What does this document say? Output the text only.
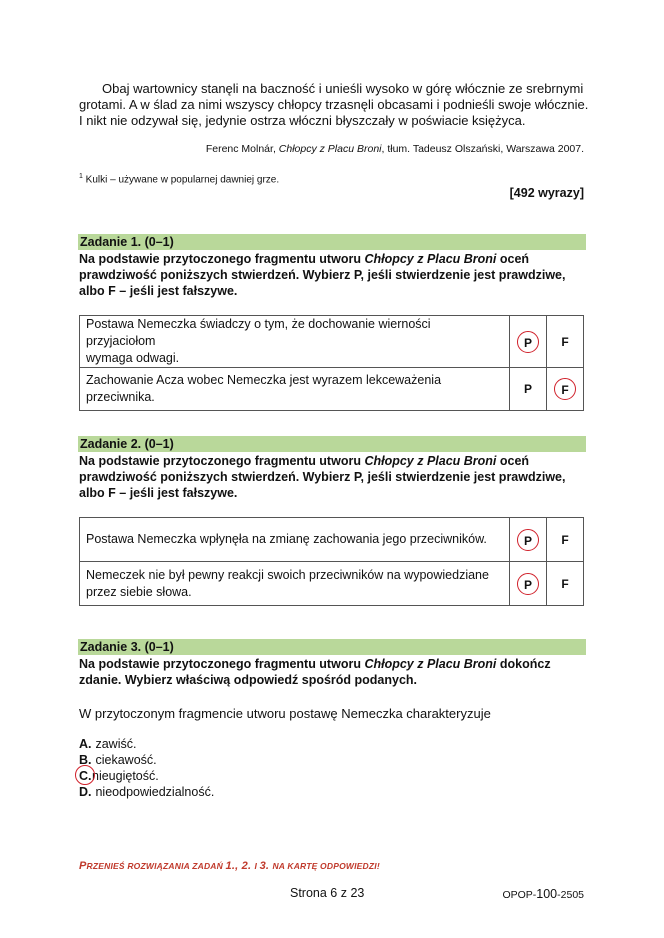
Obaj wartownicy stanęli na baczność i unieśli wysoko w górę włócznie ze srebrnymi
grotami. A w ślad za nimi wszyscy chłopcy trzasnęli obcasami i podnieśli swoje włócznie.
I nikt nie odzywał się, jedynie ostrza włóczni błyszczały w poświacie księżyca.
Ferenc Molnár, Chłopcy z Placu Broni, tłum. Tadeusz Olszański, Warszawa 2007.
$^1$ Kulki – używane w popularnej dawniej grze.
[492 wyrazy]
Zadanie 1. (0–1)
Na podstawie przytoczonego fragmentu utworu Chłopcy z Placu Broni oceń
prawdziwość poniższych stwierdzeń. Wybierz P, jeśli stwierdzenie jest prawdziwe,
albo F – jeśli jest fałszywe.
Postawa Nemeczka świadczy o tym, że dochowanie wierności przyjaciołom
wymaga odwagi.	P	F

Zachowanie Acza wobec Nemeczka jest wyrazem lekceważenia przeciwnika.	P	F
Zadanie 2. (0–1)
Na podstawie przytoczonego fragmentu utworu Chłopcy z Placu Broni oceń
prawdziwość poniższych stwierdzeń. Wybierz P, jeśli stwierdzenie jest prawdziwe,
albo F – jeśli jest fałszywe.
Postawa Nemeczka wpłynęła na zmianę zachowania jego przeciwników.	P	F

Nemeczek nie był pewny reakcji swoich przeciwników na wypowiedziane
przez siebie słowa.	P	F
Zadanie 3. (0–1)
Na podstawie przytoczonego fragmentu utworu Chłopcy z Placu Broni dokończ
zdanie. Wybierz właściwą odpowiedź spośród podanych.
W przytoczonym fragmencie utworu postawę Nemeczka charakteryzuje
A. zawiść.
B. ciekawość.
C.nieugiętość.
D. nieodpowiedzialność.
PRZENIEŚ ROZWIĄZANIA ZADAŃ 1., 2. I 3. NA KARTĘ ODPOWIEDZI!
Strona 6 z 23	OPOP-100-2505
